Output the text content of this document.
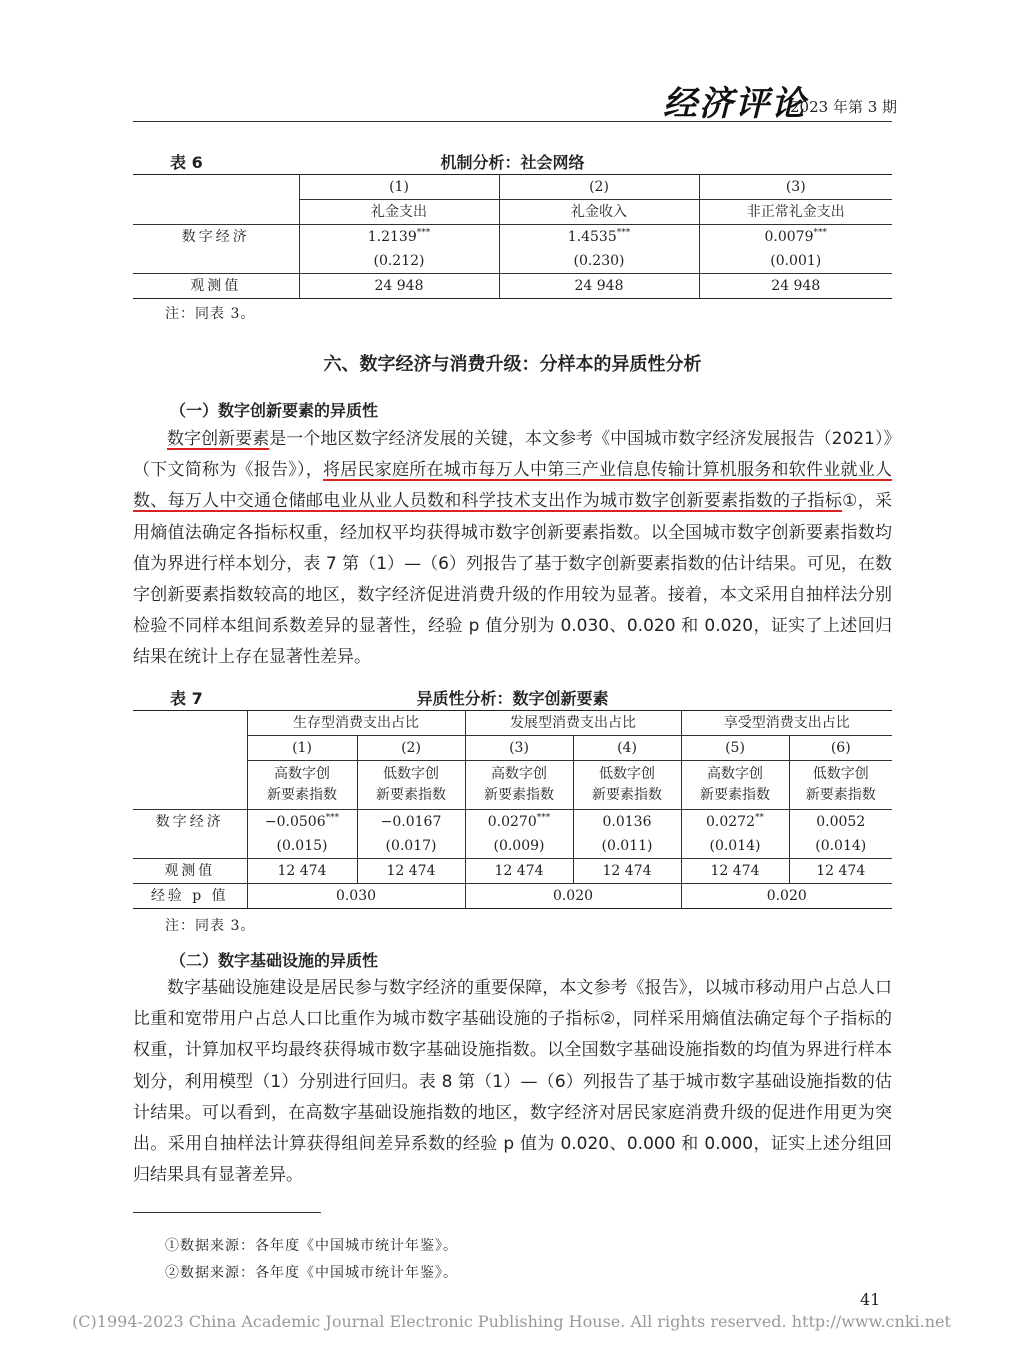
经济评论
2023 年第 3 期
表 6	机制分析：社会网络
	(1)	(2)	(3)
	礼金支出	礼金收入	非正常礼金支出
数字经济	1.2139***	1.4535***	0.0079***
	(0.212)	(0.230)	(0.001)
观测值	24 948	24 948	24 948
注：同表 3。
六、数字经济与消费升级：分样本的异质性分析
（一）数字创新要素的异质性

数字创新要素是一个地区数字经济发展的关键，本文参考《中国城市数字经济发展报告（2021）》（下文简称为《报告》），将居民家庭所在城市每万人中第三产业信息传输计算机服务和软件业就业人数、每万人中交通仓储邮电业从业人员数和科学技术支出作为城市数字创新要素指数的子指标①，采用熵值法确定各指标权重，经加权平均获得城市数字创新要素指数。以全国城市数字创新要素指数均值为界进行样本划分，表 7 第（1）—（6）列报告了基于数字创新要素指数的估计结果。可见，在数字创新要素指数较高的地区，数字经济促进消费升级的作用较为显著。接着，本文采用自抽样法分别检验不同样本组间系数差异的显著性，经验 p 值分别为 0.030、0.020 和 0.020，证实了上述回归结果在统计上存在显著性差异。

表 7	异质性分析：数字创新要素
	生存型消费支出占比		发展型消费支出占比		享受型消费支出占比	
	(1)	(2)	(3)	(4)	(5)	(6)
	高数字创
新要素指数	低数字创
新要素指数	高数字创
新要素指数	低数字创
新要素指数	高数字创
新要素指数	低数字创
新要素指数
数字经济	−0.0506***	−0.0167	0.0270***	0.0136	0.0272**	0.0052
	(0.015)	(0.017)	(0.009)	(0.011)	(0.014)	(0.014)
观测值	12 474	12 474	12 474	12 474	12 474	12 474
经验 p 值	0.030		0.020		0.020	
注：同表 3。
（二）数字基础设施的异质性

数字基础设施建设是居民参与数字经济的重要保障，本文参考《报告》，以城市移动用户占总人口比重和宽带用户占总人口比重作为城市数字基础设施的子指标②，同样采用熵值法确定每个子指标的权重，计算加权平均最终获得城市数字基础设施指数。以全国数字基础设施指数的均值为界进行样本划分，利用模型（1）分别进行回归。表 8 第（1）—（6）列报告了基于城市数字基础设施指数的估计结果。可以看到，在高数字基础设施指数的地区，数字经济对居民家庭消费升级的促进作用更为突出。采用自抽样法计算获得组间差异系数的经验 p 值为 0.020、0.000 和 0.000，证实上述分组回归结果具有显著差异。

①数据来源：各年度《中国城市统计年鉴》。
②数据来源：各年度《中国城市统计年鉴》。
41
(C)1994-2023 China Academic Journal Electronic Publishing House. All rights reserved. http://www.cnki.net
